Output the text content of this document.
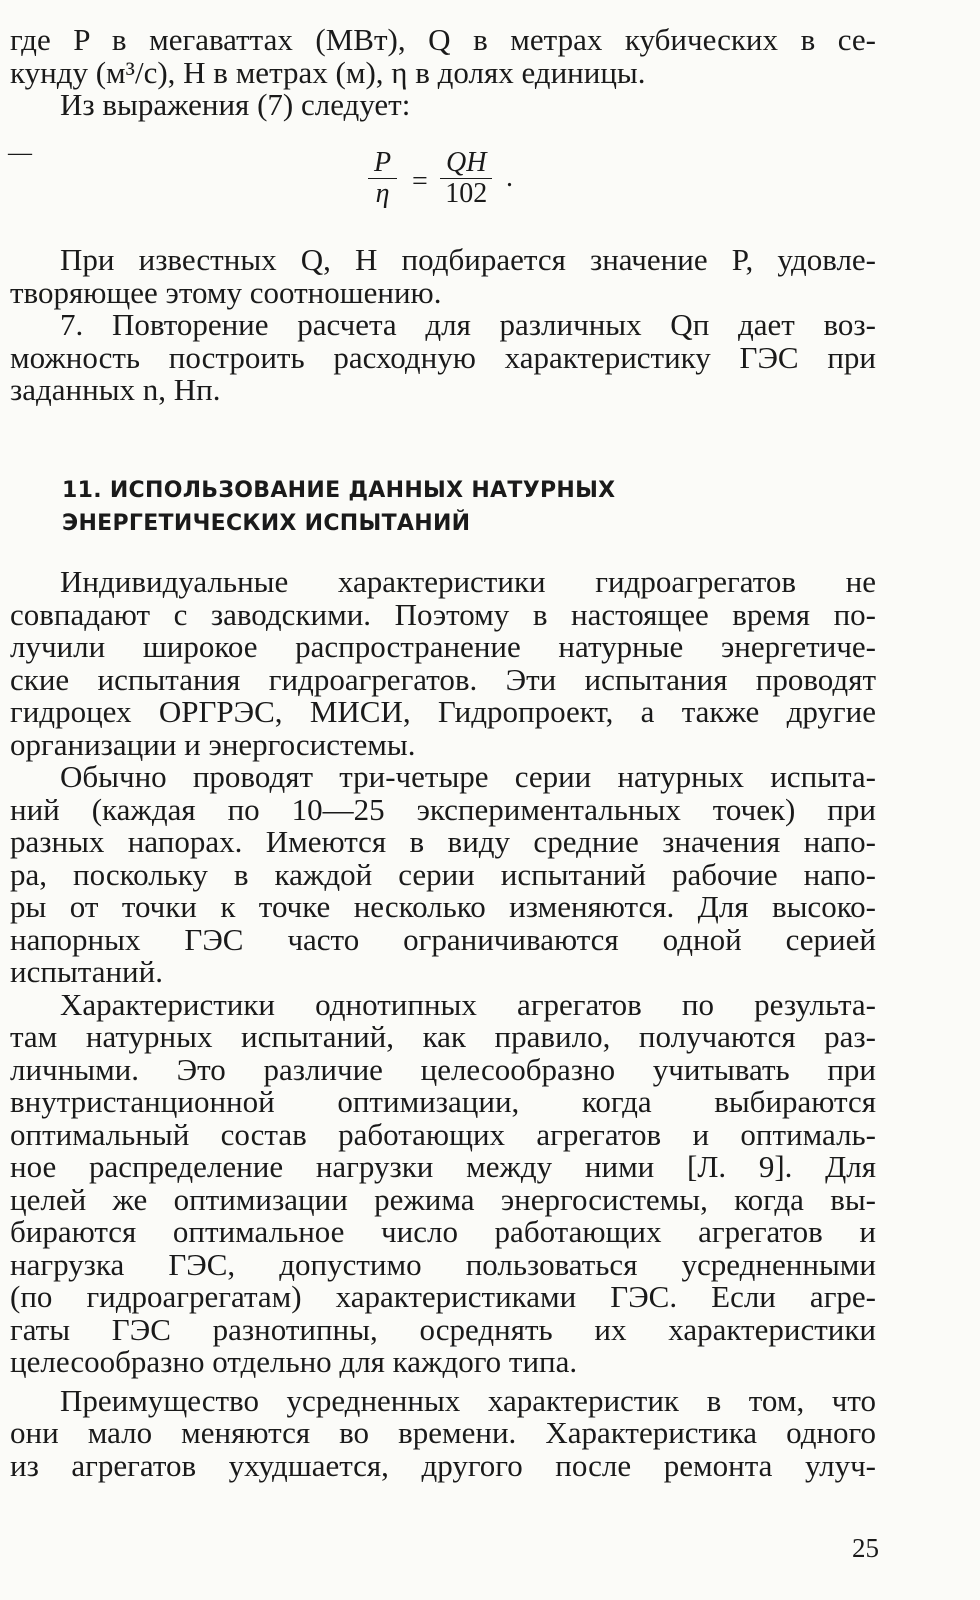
где P в мегаваттах (МВт), Q в метрах кубических в се-
кунду (м³/с), H в метрах (м), η в долях единицы.
Из выражения (7) следует:
—	$\frac{P}{\eta} = \frac{QH}{102}$ .
При известных Q, H подбирается значение P, удовле-
творяющее этому соотношению.
7. Повторение расчета для различных Qᴨ дает воз-
можность построить расходную характеристику ГЭС при
заданных n, Hᴨ.
11. ИСПОЛЬЗОВАНИЕ ДАННЫХ НАТУРНЫХ
ЭНЕРГЕТИЧЕСКИХ ИСПЫТАНИЙ
Индивидуальные характеристики гидроагрегатов не
совпадают с заводскими. Поэтому в настоящее время по-
лучили широкое распространение натурные энергетиче-
ские испытания гидроагрегатов. Эти испытания проводят
гидроцех ОРГРЭС, МИСИ, Гидропроект, а также другие
организации и энергосистемы.
Обычно проводят три-четыре серии натурных испыта-
ний (каждая по 10—25 экспериментальных точек) при
разных напорах. Имеются в виду средние значения напо-
ра, поскольку в каждой серии испытаний рабочие напо-
ры от точки к точке несколько изменяются. Для высоко-
напорных ГЭС часто ограничиваются одной серией
испытаний.
Характеристики однотипных агрегатов по результа-
там натурных испытаний, как правило, получаются раз-
личными. Это различие целесообразно учитывать при
внутристанционной оптимизации, когда выбираются
оптимальный состав работающих агрегатов и оптималь-
ное распределение нагрузки между ними [Л. 9]. Для
целей же оптимизации режима энергосистемы, когда вы-
бираются оптимальное число работающих агрегатов и
нагрузка ГЭС, допустимо пользоваться усредненными
(по гидроагрегатам) характеристиками ГЭС. Если агре-
гаты ГЭС разнотипны, осреднять их характеристики
целесообразно отдельно для каждого типа.
Преимущество усредненных характеристик в том, что
они мало меняются во времени. Характеристика одного
из агрегатов ухудшается, другого после ремонта улуч-
25
